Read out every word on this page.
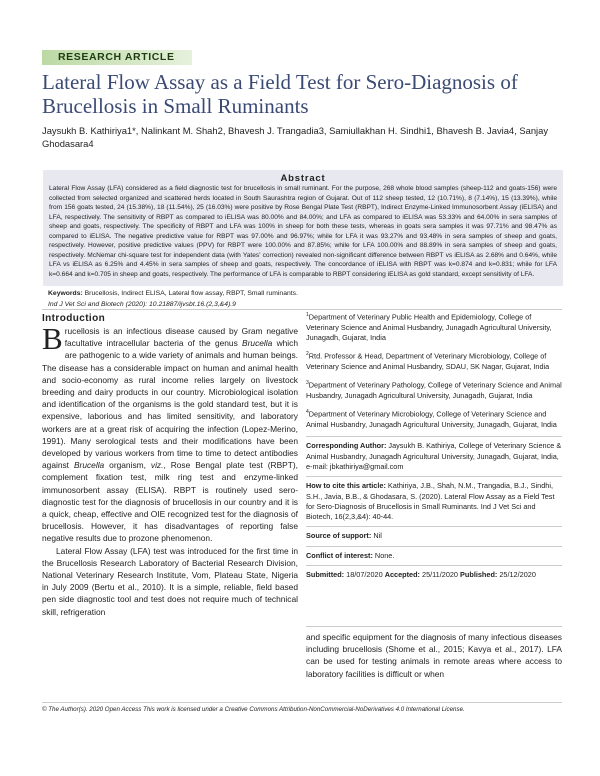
RESEARCH ARTICLE
Lateral Flow Assay as a Field Test for Sero-Diagnosis of Brucellosis in Small Ruminants
Jaysukh B. Kathiriya1*, Nalinkant M. Shah2, Bhavesh J. Trangadia3, Samiullakhan H. Sindhi1, Bhavesh B. Javia4, Sanjay Ghodasara4
Abstract
Lateral Flow Assay (LFA) considered as a field diagnostic test for brucellosis in small ruminant. For the purpose, 268 whole blood samples (sheep-112 and goats-156) were collected from selected organized and scattered herds located in South Saurashtra region of Gujarat. Out of 112 sheep tested, 12 (10.71%), 8 (7.14%), 15 (13.39%), while from 156 goats tested, 24 (15.38%), 18 (11.54%), 25 (16.03%) were positive by Rose Bengal Plate Test (RBPT), Indirect Enzyme-Linked Immunosorbent Assay (iELISA) and LFA, respectively. The sensitivity of RBPT as compared to iELISA was 80.00% and 84.00%; and LFA as compared to iELISA was 53.33% and 64.00% in sera samples of sheep and goats, respectively. The specificity of RBPT and LFA was 100% in sheep for both these tests, whereas in goats sera samples it was 97.71% and 98.47% as compared to iELISA. The negative predictive value for RBPT was 97.00% and 96.97%; while for LFA it was 93.27% and 93.48% in sera samples of sheep and goats, respectively. However, positive predictive values (PPV) for RBPT were 100.00% and 87.85%; while for LFA 100.00% and 88.89% in sera samples of sheep and goats, respectively. McNemar chi-square test for independent data (with Yates' correction) revealed non-significant difference between RBPT vs iELISA as 2.68% and 0.64%, while LFA vs iELISA as 6.25% and 4.45% in sera samples of sheep and goats, respectively. The concordance of iELISA with RBPT was k=0.874 and k=0.831; while for LFA k=0.664 and k=0.705 in sheep and goats, respectively. The performance of LFA is comparable to RBPT considering iELISA as gold standard, except sensitivity of LFA.
Keywords: Brucellosis, Indirect ELISA, Lateral flow assay, RBPT, Small ruminants.
Ind J Vet Sci and Biotech (2020): 10.21887/ijvsbt.16.(2,3,&4).9
Introduction

Brucellosis is an infectious disease caused by Gram negative facultative intracellular bacteria of the genus Brucella which are pathogenic to a wide variety of animals and human beings. The disease has a considerable impact on human and animal health and socio-economy as rural income relies largely on livestock breeding and dairy products in our country. Microbiological isolation and identification of the organisms is the gold standard test, but it is expensive, laborious and has limited sensitivity, and laboratory workers are at a great risk of acquiring the infection (Lopez-Merino, 1991). Many serological tests and their modifications have been developed by various workers from time to time to detect antibodies against Brucella organism, viz., Rose Bengal plate test (RBPT), complement fixation test, milk ring test and enzyme-linked immunosorbent assay (ELISA). RBPT is routinely used sero-diagnostic test for the diagnosis of brucellosis in our country and it is a quick, cheap, effective and OIE recognized test for the diagnosis of brucellosis. However, it has disadvantages of reporting false negative results due to prozone phenomenon.

Lateral Flow Assay (LFA) test was introduced for the first time in the Brucellosis Research Laboratory of Bacterial Research Division, National Veterinary Research Institute, Vom, Plateau State, Nigeria in July 2009 (Bertu et al., 2010). It is a simple, reliable, field based pen side diagnostic tool and test does not require much of technical skill, refrigeration

$^1$Department of Veterinary Public Health and Epidemiology, College of Veterinary Science and Animal Husbandry, Junagadh Agricultural University, Junagadh, Gujarat, India

$^2$Rtd. Professor & Head, Department of Veterinary Microbiology, College of Veterinary Science and Animal Husbandry, SDAU, SK Nagar, Gujarat, India

$^3$Department of Veterinary Pathology, College of Veterinary Science and Animal Husbandry, Junagadh Agricultural University, Junagadh, Gujarat, India

$^4$Department of Veterinary Microbiology, College of Veterinary Science and Animal Husbandry, Junagadh Agricultural University, Junagadh, Gujarat, India

Corresponding Author: Jaysukh B. Kathiriya, College of Veterinary Science & Animal Husbandry, Junagadh Agricultural University, Junagadh, Gujarat, India, e-mail: jbkathiriya@gmail.com

How to cite this article: Kathiriya, J.B., Shah, N.M., Trangadia, B.J., Sindhi, S.H., Javia, B.B., & Ghodasara, S. (2020). Lateral Flow Assay as a Field Test for Sero-Diagnosis of Brucellosis in Small Ruminants. Ind J Vet Sci and Biotech, 16(2,3,&4): 40-44.

Source of support: Nil

Conflict of interest: None.

Submitted: 18/07/2020 Accepted: 25/11/2020 Published: 25/12/2020

and specific equipment for the diagnosis of many infectious diseases including brucellosis (Shome et al., 2015; Kavya et al., 2017). LFA can be used for testing animals in remote areas where access to laboratory facilities is difficult or when
© The Author(s). 2020 Open Access This work is licensed under a Creative Commons Attribution-NonCommercial-NoDerivatives 4.0 International License.
